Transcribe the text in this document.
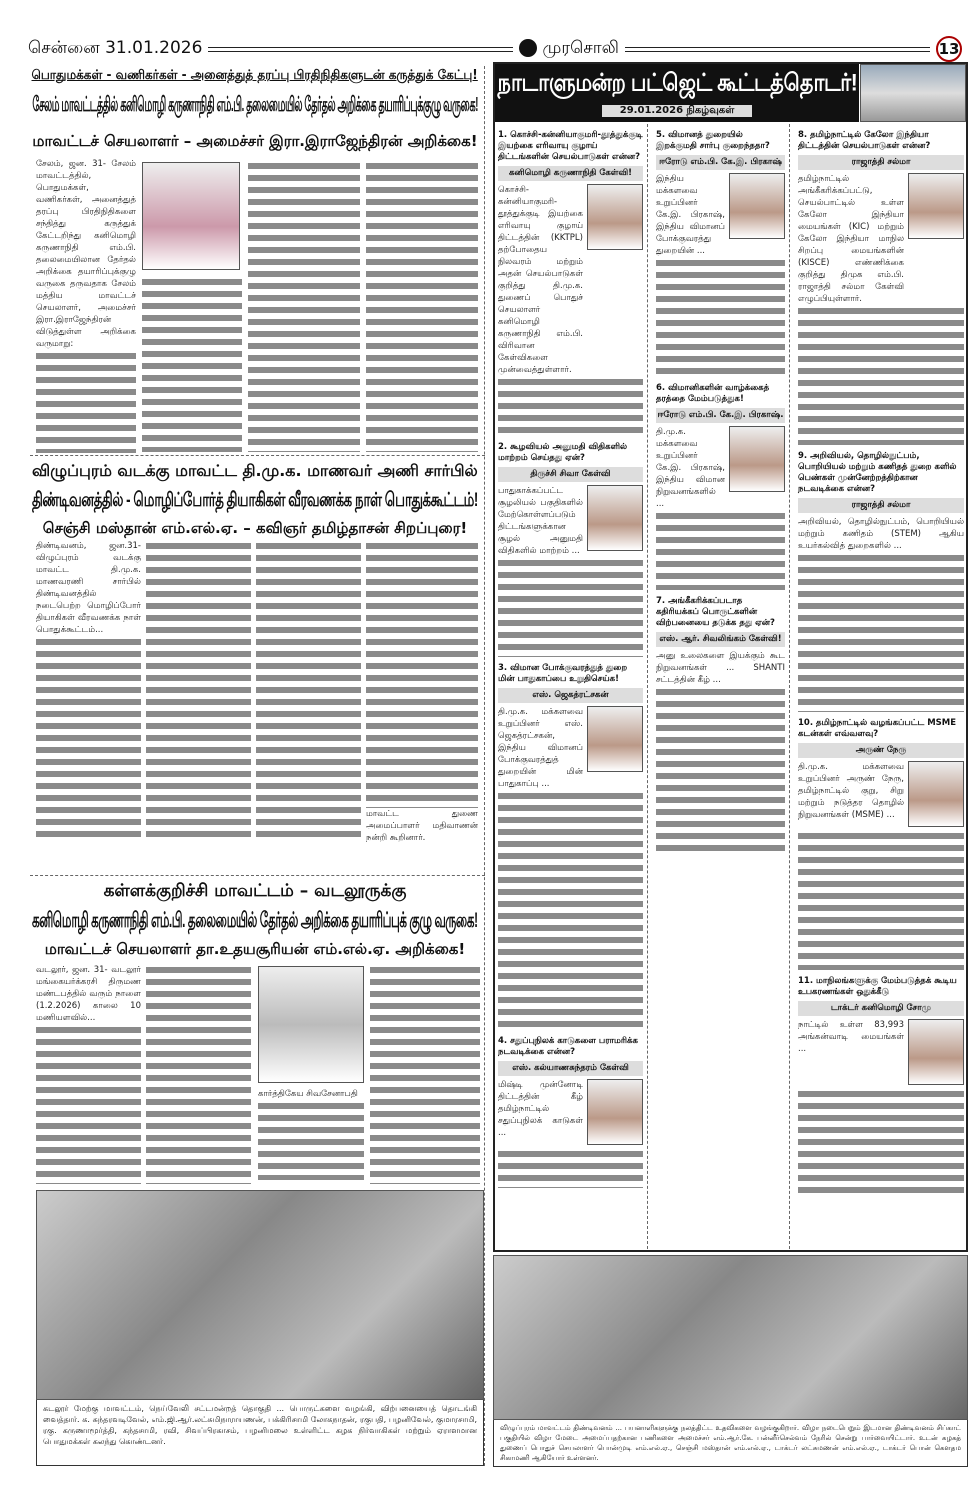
சென்னை 31.01.2026	முரசொலி	13
பொதுமக்கள் - வணிகர்கள் - அனைத்துத் தரப்பு பிரதிநிதிகளுடன் கருத்துக் கேட்பு!
சேலம் மாவட்டத்தில் கனிமொழி கருணாநிதி எம்.பி. தலைமையில் தேர்தல் அறிக்கை தயாரிப்புக்குழு வருகை!
மாவட்டச் செயலாளர் – அமைச்சர் இரா.இராஜேந்திரன் அறிக்கை!
சேலம், ஜன. 31- சேலம் மாவட்டத்தில், பொதுமக்கள், வணிகர்கள், அனைத்துத் தரப்பு பிரதிநிதிகளை சந்தித்து கருத்துக் கேட்டறிந்து கனிமொழி கருணாநிதி எம்.பி. தலைமையிலான தேர்தல் அறிக்கை தயாரிப்புக்குழு வருகை தருவதாக சேலம் மத்திய மாவட்டச் செயலாளர், அமைச்சர் இரா.இராஜேந்திரன் விடுத்துள்ள அறிக்கை வருமாறு:
விழுப்புரம் வடக்கு மாவட்ட தி.மு.க. மாணவர் அணி சார்பில்
திண்டிவனத்தில் - மொழிப்போர்த் தியாகிகள் வீரவணக்க நாள் பொதுக்கூட்டம்!
செஞ்சி மஸ்தான் எம்.எல்.ஏ. – கவிஞர் தமிழ்தாசன் சிறப்புரை!
திண்டிவனம், ஜன.31- விழுப்புரம் வடக்கு மாவட்ட தி.மு.க. மாணவரணி சார்பில் திண்டிவனத்தில் நடைபெற்ற மொழிப்போர் தியாகிகள் வீரவணக்க நாள் பொதுக்கூட்டம்...
மாவட்ட துணை அமைப்பாளர் மதிவாணன் நன்றி கூறினார்.
கள்ளக்குறிச்சி மாவட்டம் – வடலூருக்கு
கனிமொழி கருணாநிதி எம்.பி. தலைமையில் தேர்தல் அறிக்கை தயாரிப்புக் குழு வருகை!
மாவட்டச் செயலாளர் தா.உதயசூரியன் எம்.எல்.ஏ. அறிக்கை!
வடலூர், ஜன. 31- வடலூர் மங்கையர்க்கரசி திருமண மண்டபத்தில் வரும் நாளை (1.2.2026) காலை 10 மணியளவில்...
கார்த்திகேய சிவசேனாபதி
கடலூர் மேற்கு மாவட்டம், நெய்வேலி சட்டமன்றத் தொகுதி ... பொருட்களை வழங்கி, விற்பனையைத் தொடங்கி வைத்தார். க. சுந்தரவடிவேல், எம்.ஜி.ஆர்.லட்சுமிநாராயணன், பக்கிரிசாமி லோகநாதன், ரகுபதி, பழனிவேல், குமாரசாமி, ரகு. கருணாமூர்த்தி, கந்தசாமி, ரவி, சிவப்பிரகாசம், பழனிமலை உள்ளிட்ட கழக நிர்வாகிகள் மற்றும் ஏராளமான பொதுமக்கள் கலந்து கொண்டனர்.
நாடாளுமன்ற பட்ஜெட் கூட்டத்தொடர்!
29.01.2026 நிகழ்வுகள்
1. கொச்சி-கன்னியாகுமரி-தூத்துக்குடி இயற்கை எரிவாயு குழாய் திட்டங்களின் செயல்பாடுகள் என்ன?
கனிமொழி கருணாநிதி கேள்வி!
கொச்சி-கன்னியாகுமரி-தூத்துக்குடி இயற்கை எரிவாயு குழாய் திட்டத்தின் (KKTPL) தற்போதைய நிலவரம் மற்றும் அதன் செயல்பாடுகள் குறித்து தி.மு.க. துணைப் பொதுச் செயலாளர் கனிமொழி கருணாநிதி எம்.பி. விரிவான கேள்விகளை முன்வைத்துள்ளார்.
2. கூழவியல் அனுமதி விதிகளில் மாற்றம் செய்தது ஏன்?
திருச்சி சிவா கேள்வி
பாதுகாக்கப்பட்ட சூழலியல் பகுதிகளில் மேற்கொள்ளப்படும் திட்டங்களுக்கான சூழல் அனுமதி விதிகளில் மாற்றம் ...
3. விமான போக்குவரத்துத் துறை மின் பாதுகாப்பை உறுதிசெய்க!
எஸ். ஜெகத்ரட்சகன்
தி.மு.க. மக்களவை உறுப்பினர் எஸ். ஜெகத்ரட்சகன், இந்திய விமானப் போக்குவரத்துத் துறையின் மின் பாதுகாப்பு ...
4. சதுப்புநிலக் காடுகளை பராமரிக்க நடவடிக்கை என்ன?
எஸ். கல்யாணசுந்தரம் கேள்வி
மிஷ்டி முன்னோடி திட்டத்தின் கீழ் தமிழ்நாட்டில் சதுப்புநிலக் காடுகள் ...
5. விமானத் துறையில் இறக்குமதி சார்பு குறைந்ததா?
ஈரோடு எம்.பி. கே.இ. பிரகாஷ்
இந்திய மக்களவை உறுப்பினர் கே.இ. பிரகாஷ், இந்திய விமானப் போக்குவரத்து துறையின் ...
6. விமானிகளின் வாழ்க்கைத் தரத்தை மேம்படுத்துக!
ஈரோடு எம்.பி. கே.இ. பிரகாஷ்.
தி.மு.க. மக்களவை உறுப்பினர் கே.இ. பிரகாஷ், இந்திய விமான நிறுவனங்களில் ...
7. அங்கீகரிக்கப்படாத கதிரியக்கப் பொருட்களின் விற்பனையை தடுக்க தது ஏன்?
எஸ். ஆர். சிவலிங்கம் கேள்வி!
அனு உலைகளை இயக்கும் கூட நிறுவனங்கள் ... SHANTI சட்டத்தின் கீழ் ...
8. தமிழ்நாட்டில் கேலோ இந்தியா திட்டத்தின் செயல்பாடுகள் என்ன?
ராஜாத்தி சல்மா
தமிழ்நாட்டில் அங்கீகரிக்கப்பட்டு, செயல்பாட்டில் உள்ள கேலோ இந்தியா மையங்கள் (KIC) மற்றும் கேலோ இந்தியா மாநில சிறப்பு மையங்களின் (KISCE) எண்ணிக்கை குறித்து திமுக எம்.பி. ராஜாத்தி சல்மா கேள்வி எழுப்பியுள்ளார்.
9. அறிவியல், தொழில்நுட்பம், பொறியியல் மற்றும் கணிதத் துறை களில் பெண்கள் முன்னேற்றத்திற்கான நடவடிக்கை என்ன?
ராஜாத்தி சல்மா
அறிவியல், தொழில்நுட்பம், பொறியியல் மற்றும் கணிதம் (STEM) ஆகிய உயர்கல்வித் துறைகளில் ...
10. தமிழ்நாட்டில் வழங்கப்பட்ட MSME கடன்கள் எவ்வளவு?
அருண் நேரு
தி.மு.க. மக்களவை உறுப்பினர் அருண் நேரு, தமிழ்நாட்டில் குறு, சிறு மற்றும் நடுத்தர தொழில் நிறுவனங்கள் (MSME) ...
11. மாநிலங்களுக்கு மேம்படுத்தக் கூடிய உபகரணங்கள் ஒதுக்கீடு
டாக்டர் கனிமொழி சோமு
நாட்டில் உள்ள 83,993 அங்கன்வாடி மையங்கள் ...
விழுப்புரம் மாவட்டம் திண்டிவனம் ... பயனாளிகளுக்கு நலத்திட்ட உதவிகளை வழங்குகிறார். விழா நடைபெறும் இடமான திண்டிவனம் சிப்காட் பகுதியில் விழா மேடை அமைப்பதற்கான பணிகளை அமைச்சர் எம்.ஆர்.கே. பன்னீர்செல்வம் நேரில் சென்று பார்வையிட்டார். உடன் கழகத் துணைப் பொதுச் செயலாளர் பொன்முடி எம்.எல்.ஏ., செஞ்சி மஸ்தான் எம்.எல்.ஏ., டாக்டர் லட்சுமணன் எம்.எல்.ஏ., டாக்டர் பொன் கௌதம சிகாமணி ஆகியோர் உள்ளனர்.
